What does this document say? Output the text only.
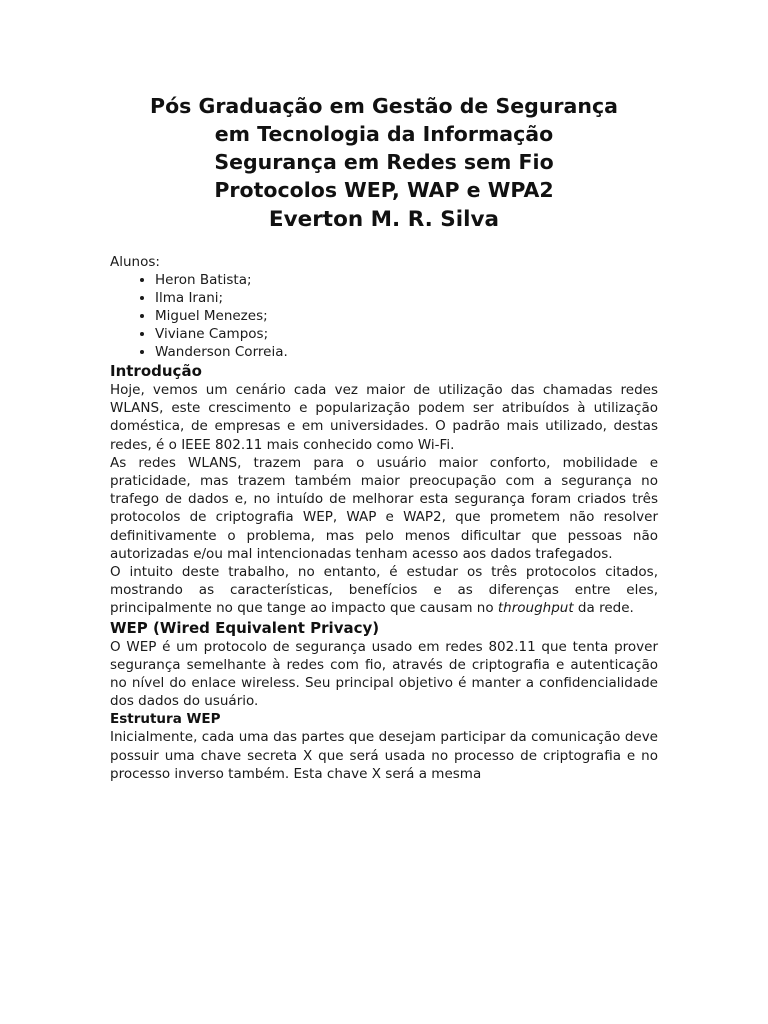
Pós Graduação em Gestão de Segurança
em Tecnologia da Informação
Segurança em Redes sem Fio
Protocolos WEP, WAP e WPA2
Everton M. R. Silva
Alunos:
• Heron Batista;
• Ilma Irani;
• Miguel Menezes;
• Viviane Campos;
• Wanderson Correia.
Introdução

Hoje, vemos um cenário cada vez maior de utilização das chamadas redes WLANS, este crescimento e popularização podem ser atribuídos à utilização doméstica, de empresas e em universidades. O padrão mais utilizado, destas redes, é o IEEE 802.11 mais conhecido como Wi-Fi.

As redes WLANS, trazem para o usuário maior conforto, mobilidade e praticidade, mas trazem também maior preocupação com a segurança no trafego de dados e, no intuído de melhorar esta segurança foram criados três protocolos de criptografia WEP, WAP e WAP2, que prometem não resolver definitivamente o problema, mas pelo menos dificultar que pessoas não autorizadas e/ou mal intencionadas tenham acesso aos dados trafegados.

O intuito deste trabalho, no entanto, é estudar os três protocolos citados, mostrando as características, benefícios e as diferenças entre eles, principalmente no que tange ao impacto que causam no throughput da rede.

WEP (Wired Equivalent Privacy)

O WEP é um protocolo de segurança usado em redes 802.11 que tenta prover segurança semelhante à redes com fio, através de criptografia e autenticação no nível do enlace wireless. Seu principal objetivo é manter a confidencialidade dos dados do usuário.

Estrutura WEP

Inicialmente, cada uma das partes que desejam participar da comunicação deve possuir uma chave secreta X que será usada no processo de criptografia e no processo inverso também. Esta chave X será a mesma
